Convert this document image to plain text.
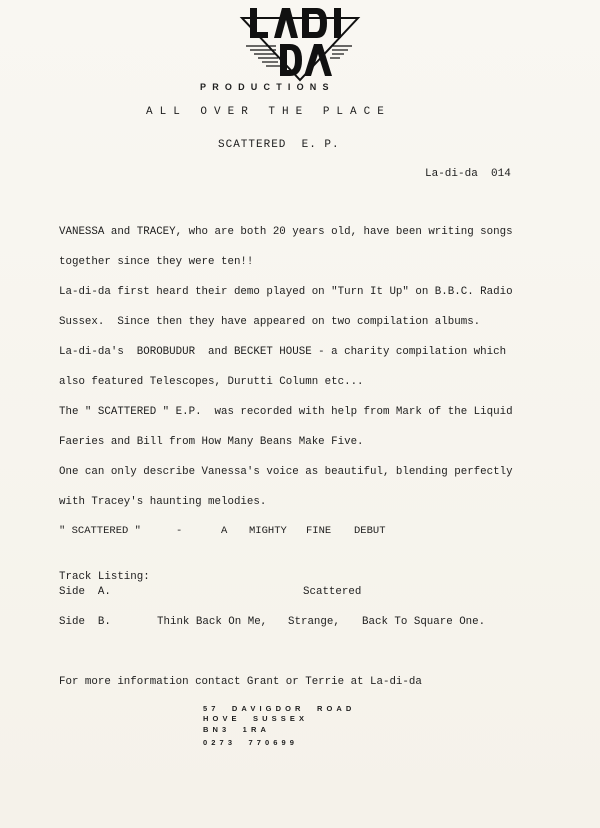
PRODUCTIONS
ALL OVER THE PLACE
SCATTERED  E. P.
La-di-da  014
VANESSA and TRACEY, who are both 20 years old, have been writing songs
together since they were ten!!
La-di-da first heard their demo played on "Turn It Up" on B.B.C. Radio
Sussex.  Since then they have appeared on two compilation albums.
La-di-da's  BOROBUDUR  and BECKET HOUSE - a charity compilation which
also featured Telescopes, Durutti Column etc...
The " SCATTERED " E.P.  was recorded with help from Mark of the Liquid
Faeries and Bill from How Many Beans Make Five.
One can only describe Vanessa's voice as beautiful, blending perfectly
with Tracey's haunting melodies.
" SCATTERED "	-	A MIGHTY FINE DEBUT
Track Listing:
Side  A.	Scattered
Side  B.	Think Back On Me, Strange, Back To Square One.
For more information contact Grant or Terrie at La-di-da
57  DAVIGDOR  ROAD
HOVE  SUSSEX
BN3  1RA
0273  770699
